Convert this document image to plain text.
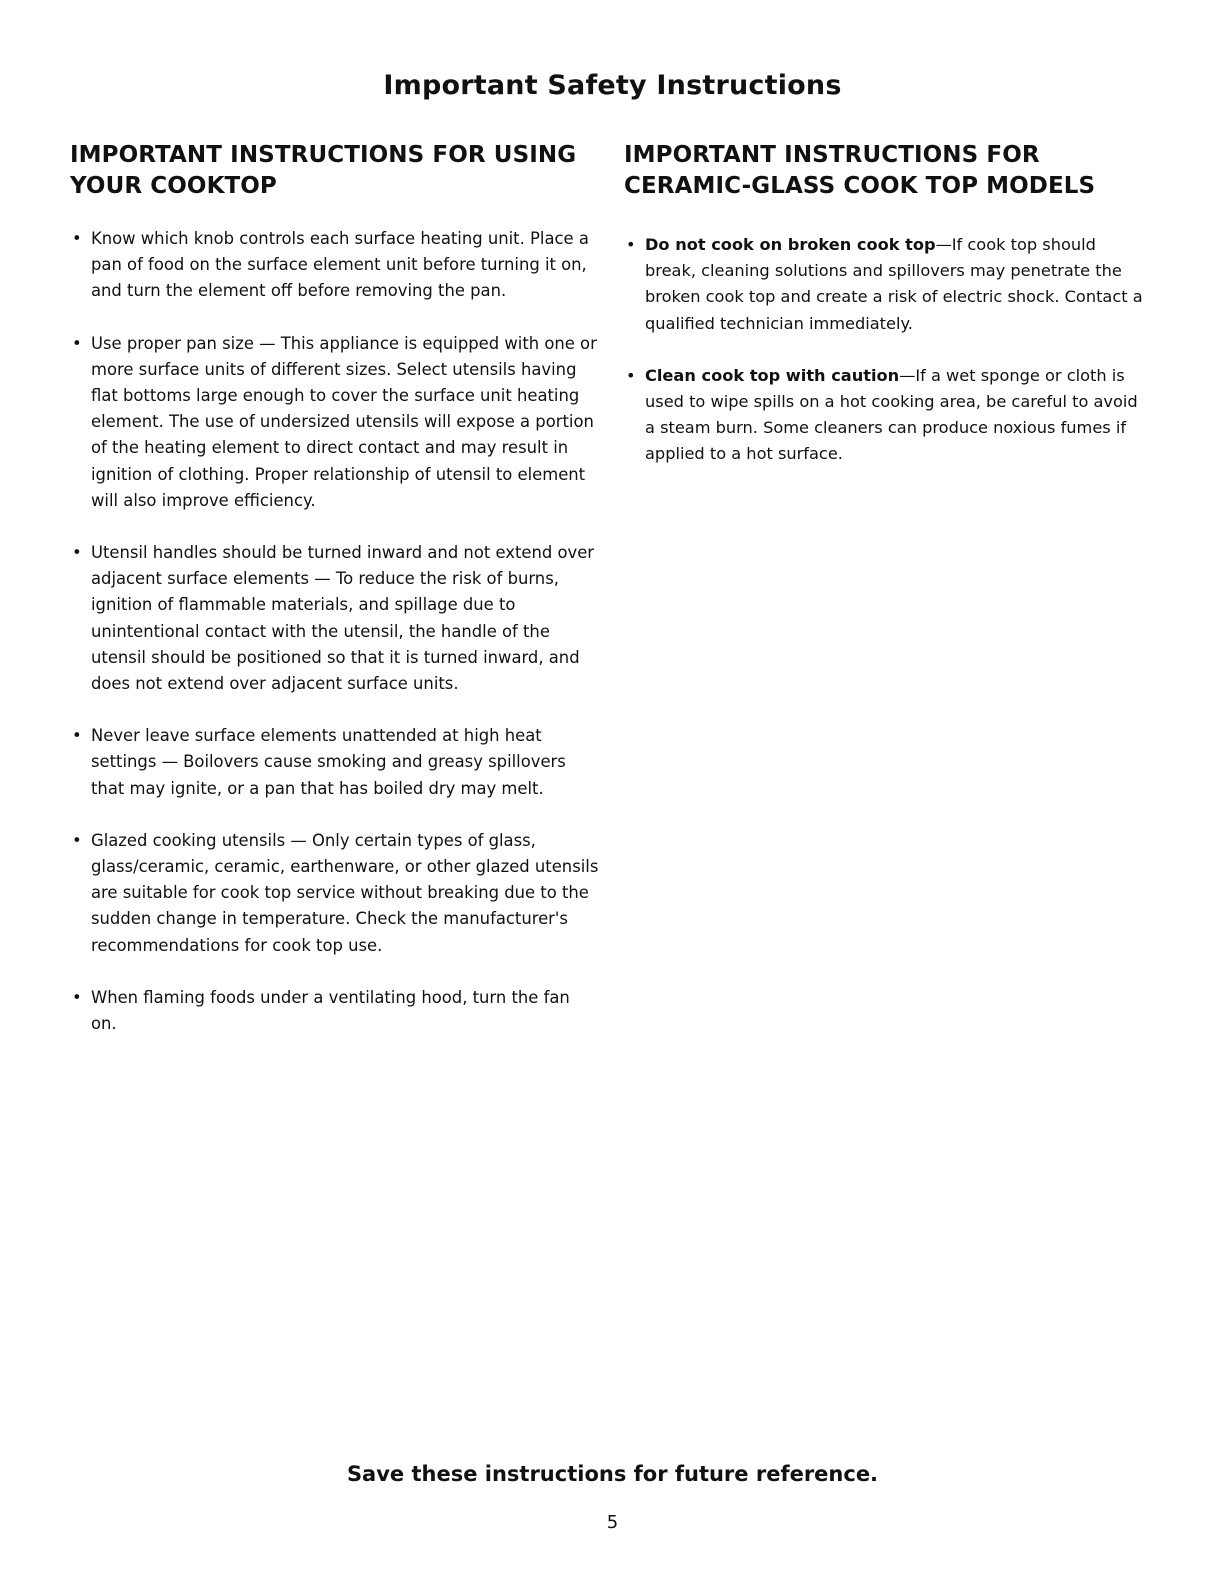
Important Safety Instructions
IMPORTANT INSTRUCTIONS FOR USING YOUR COOKTOP
• Know which knob controls each surface heating unit. Place a pan of food on the surface element unit before turning it on, and turn the element off before removing the pan.
• Use proper pan size — This appliance is equipped with one or more surface units of different sizes. Select utensils having flat bottoms large enough to cover the surface unit heating element. The use of undersized utensils will expose a portion of the heating element to direct contact and may result in ignition of clothing. Proper relationship of utensil to element will also improve efficiency.
• Utensil handles should be turned inward and not extend over adjacent surface elements — To reduce the risk of burns, ignition of flammable materials, and spillage due to unintentional contact with the utensil, the handle of the utensil should be positioned so that it is turned inward, and does not extend over adjacent surface units.
• Never leave surface elements unattended at high heat settings — Boilovers cause smoking and greasy spillovers that may ignite, or a pan that has boiled dry may melt.
• Glazed cooking utensils — Only certain types of glass, glass/ceramic, ceramic, earthenware, or other glazed utensils are suitable for cook top service without breaking due to the sudden change in temperature. Check the manufacturer's recommendations for cook top use.
• When flaming foods under a ventilating hood, turn the fan on.
IMPORTANT INSTRUCTIONS FOR CERAMIC-GLASS COOK TOP MODELS
• Do not cook on broken cook top—If cook top should break, cleaning solutions and spillovers may penetrate the broken cook top and create a risk of electric shock. Contact a qualified technician immediately.
• Clean cook top with caution—If a wet sponge or cloth is used to wipe spills on a hot cooking area, be careful to avoid a steam burn. Some cleaners can produce noxious fumes if applied to a hot surface.

Save these instructions for future reference.

5
